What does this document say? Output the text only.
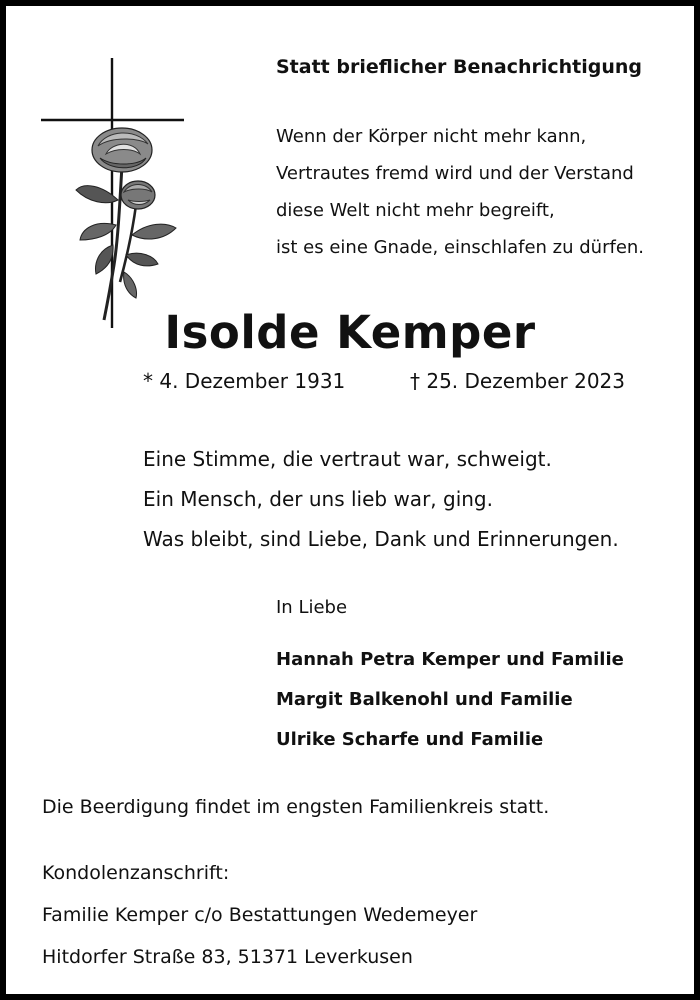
Statt brieflicher Benachrichtigung
Wenn der Körper nicht mehr kann,
Vertrautes fremd wird und der Verstand
diese Welt nicht mehr begreift,
ist es eine Gnade, einschlafen zu dürfen.
Isolde Kemper
* 4. Dezember 1931	† 25. Dezember 2023
Eine Stimme, die vertraut war, schweigt.
Ein Mensch, der uns lieb war, ging.
Was bleibt, sind Liebe, Dank und Erinnerungen.
In Liebe
Hannah Petra Kemper und Familie
Margit Balkenohl und Familie
Ulrike Scharfe und Familie
Die Beerdigung findet im engsten Familienkreis statt.
Kondolenzanschrift:
Familie Kemper c/o Bestattungen Wedemeyer
Hitdorfer Straße 83, 51371 Leverkusen
